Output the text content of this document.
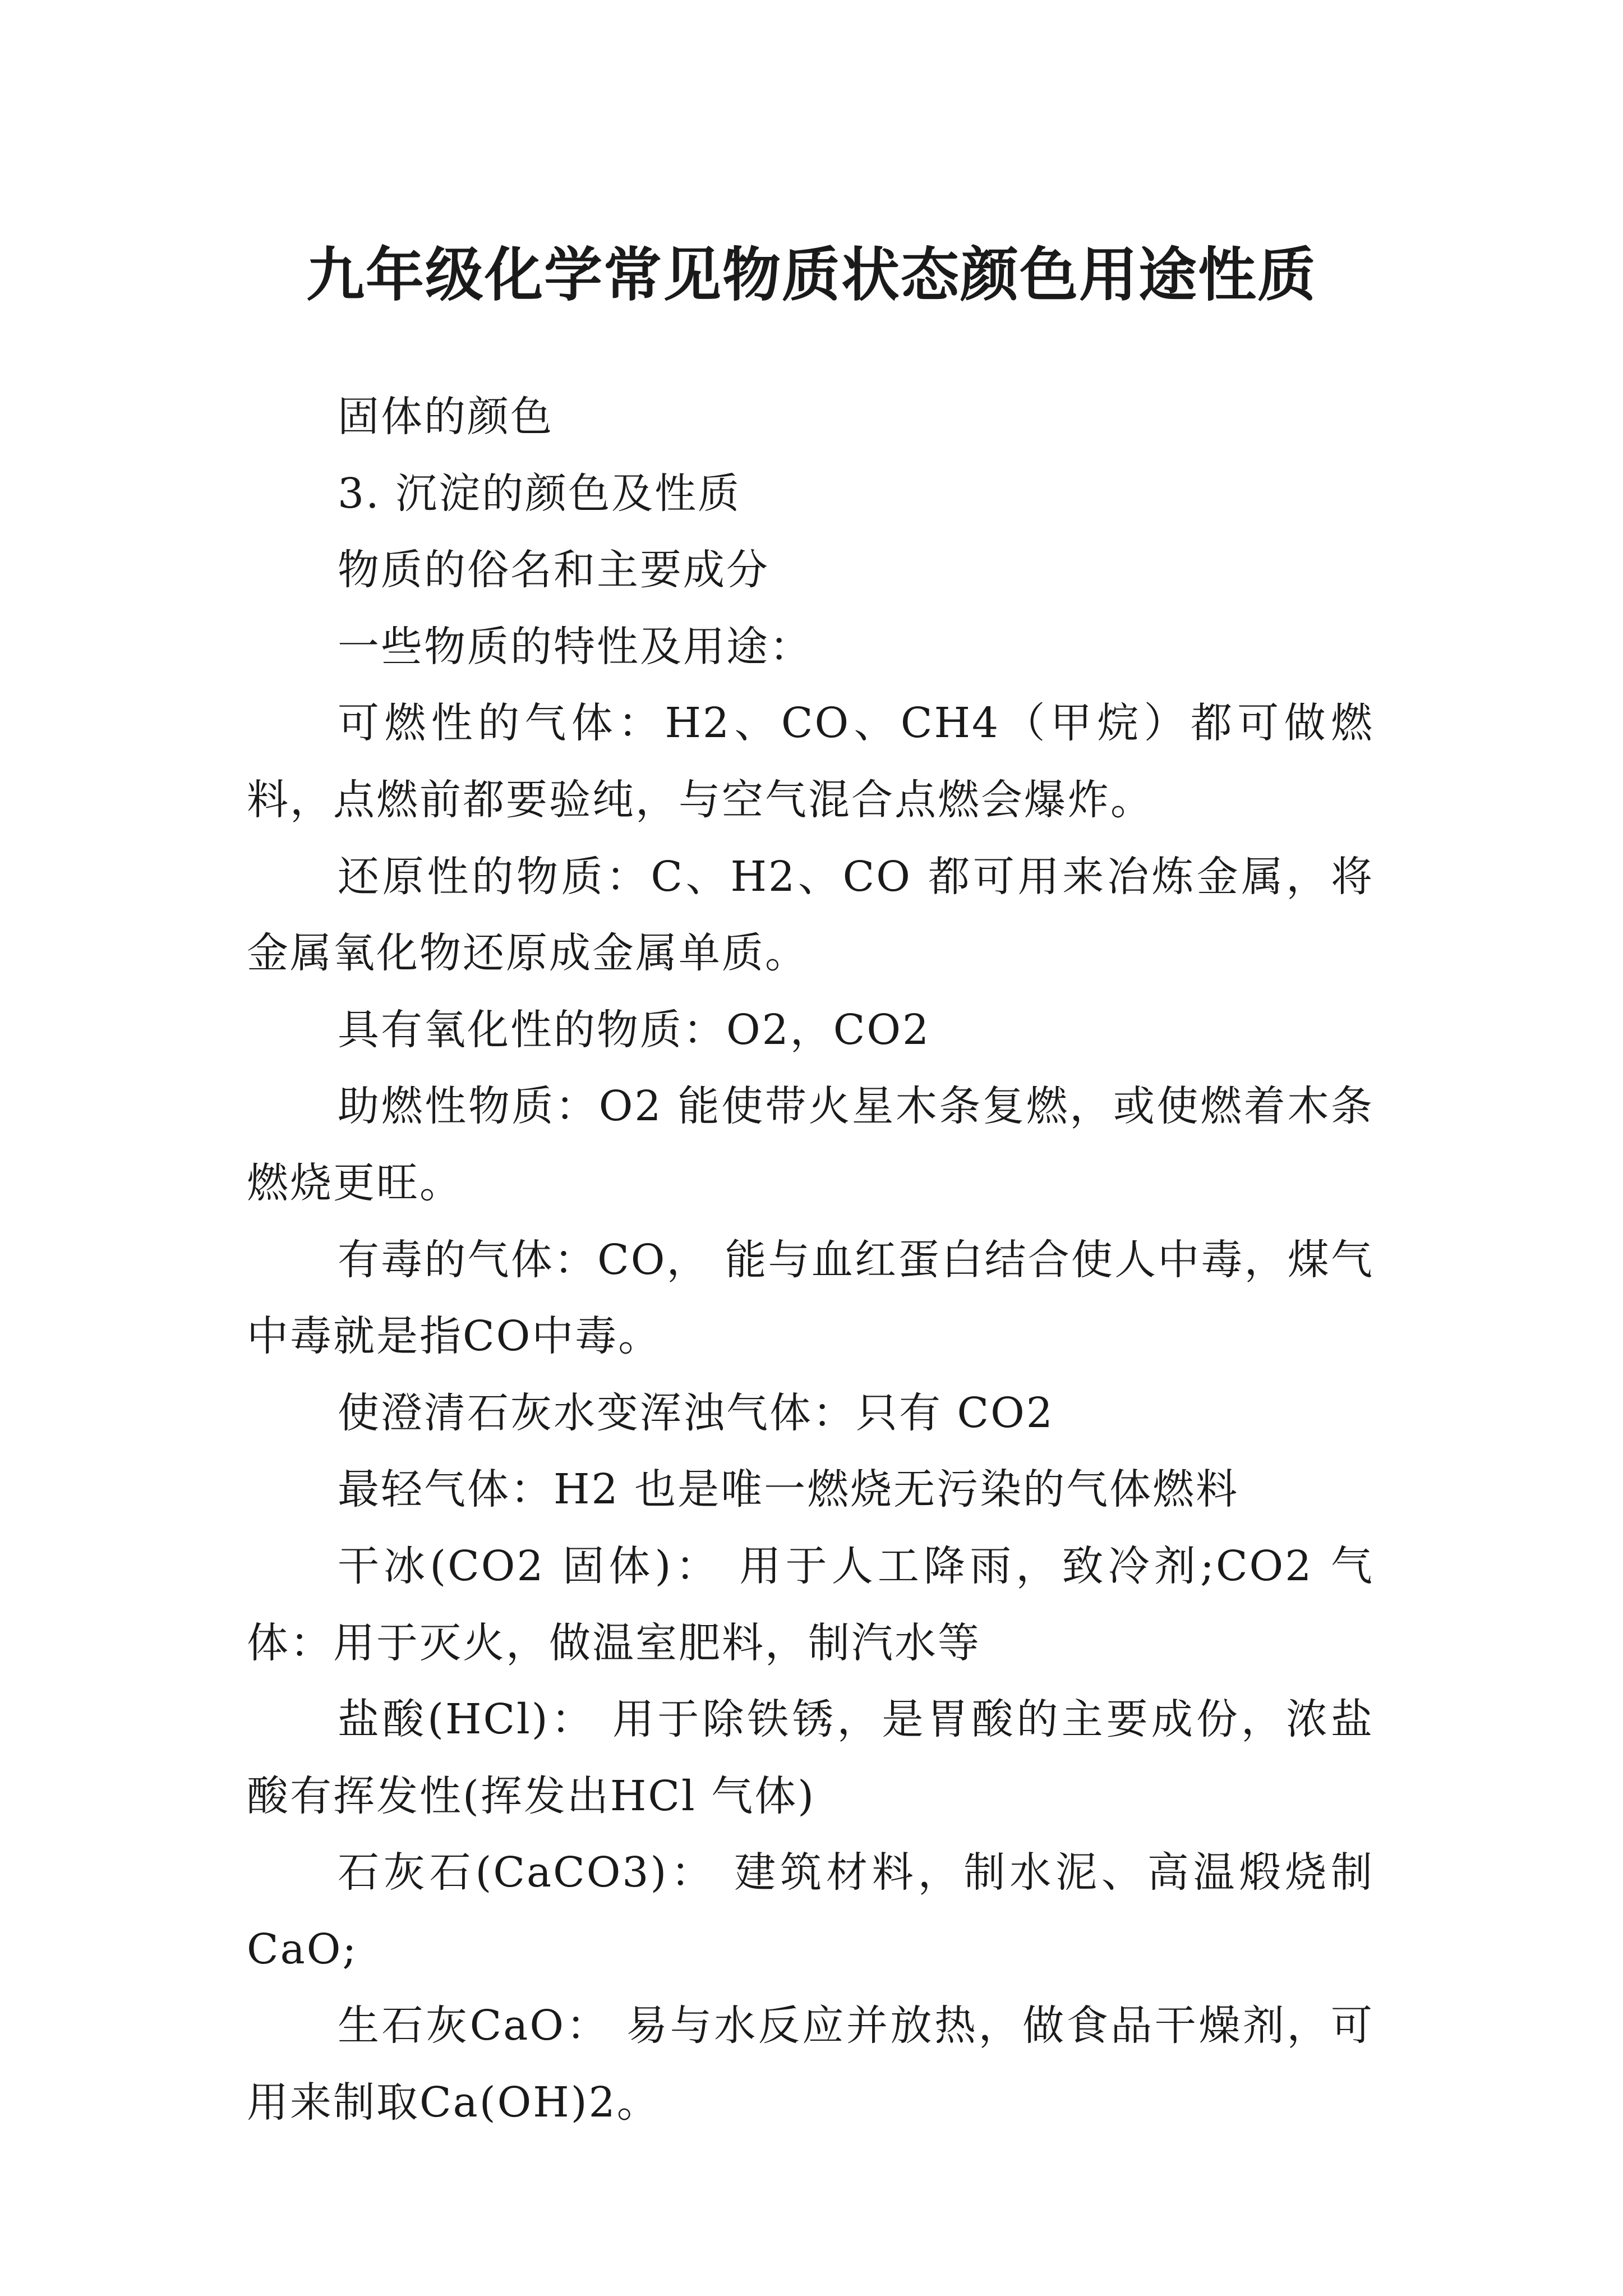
九年级化学常见物质状态颜色用途性质

固体的颜色

3. 沉淀的颜色及性质

物质的俗名和主要成分

一些物质的特性及用途：

可燃性的气体：H2、CO、CH4（甲烷）都可做燃料，点燃前都要验纯，与空气混合点燃会爆炸。

还原性的物质：C、H2、CO 都可用来冶炼金属，将金属氧化物还原成金属单质。

具有氧化性的物质：O2，CO2

助燃性物质：O2 能使带火星木条复燃，或使燃着木条燃烧更旺。

有毒的气体：CO， 能与血红蛋白结合使人中毒，煤气中毒就是指CO中毒。

使澄清石灰水变浑浊气体：只有 CO2

最轻气体：H2 也是唯一燃烧无污染的气体燃料

干冰(CO2 固体)： 用于人工降雨，致冷剂;CO2 气体：用于灭火，做温室肥料，制汽水等

盐酸(HCl)： 用于除铁锈，是胃酸的主要成份，浓盐酸有挥发性(挥发出HCl 气体)

石灰石(CaCO3)： 建筑材料，制水泥、高温煅烧制CaO;

生石灰CaO： 易与水反应并放热，做食品干燥剂，可用来制取Ca(OH)2。
